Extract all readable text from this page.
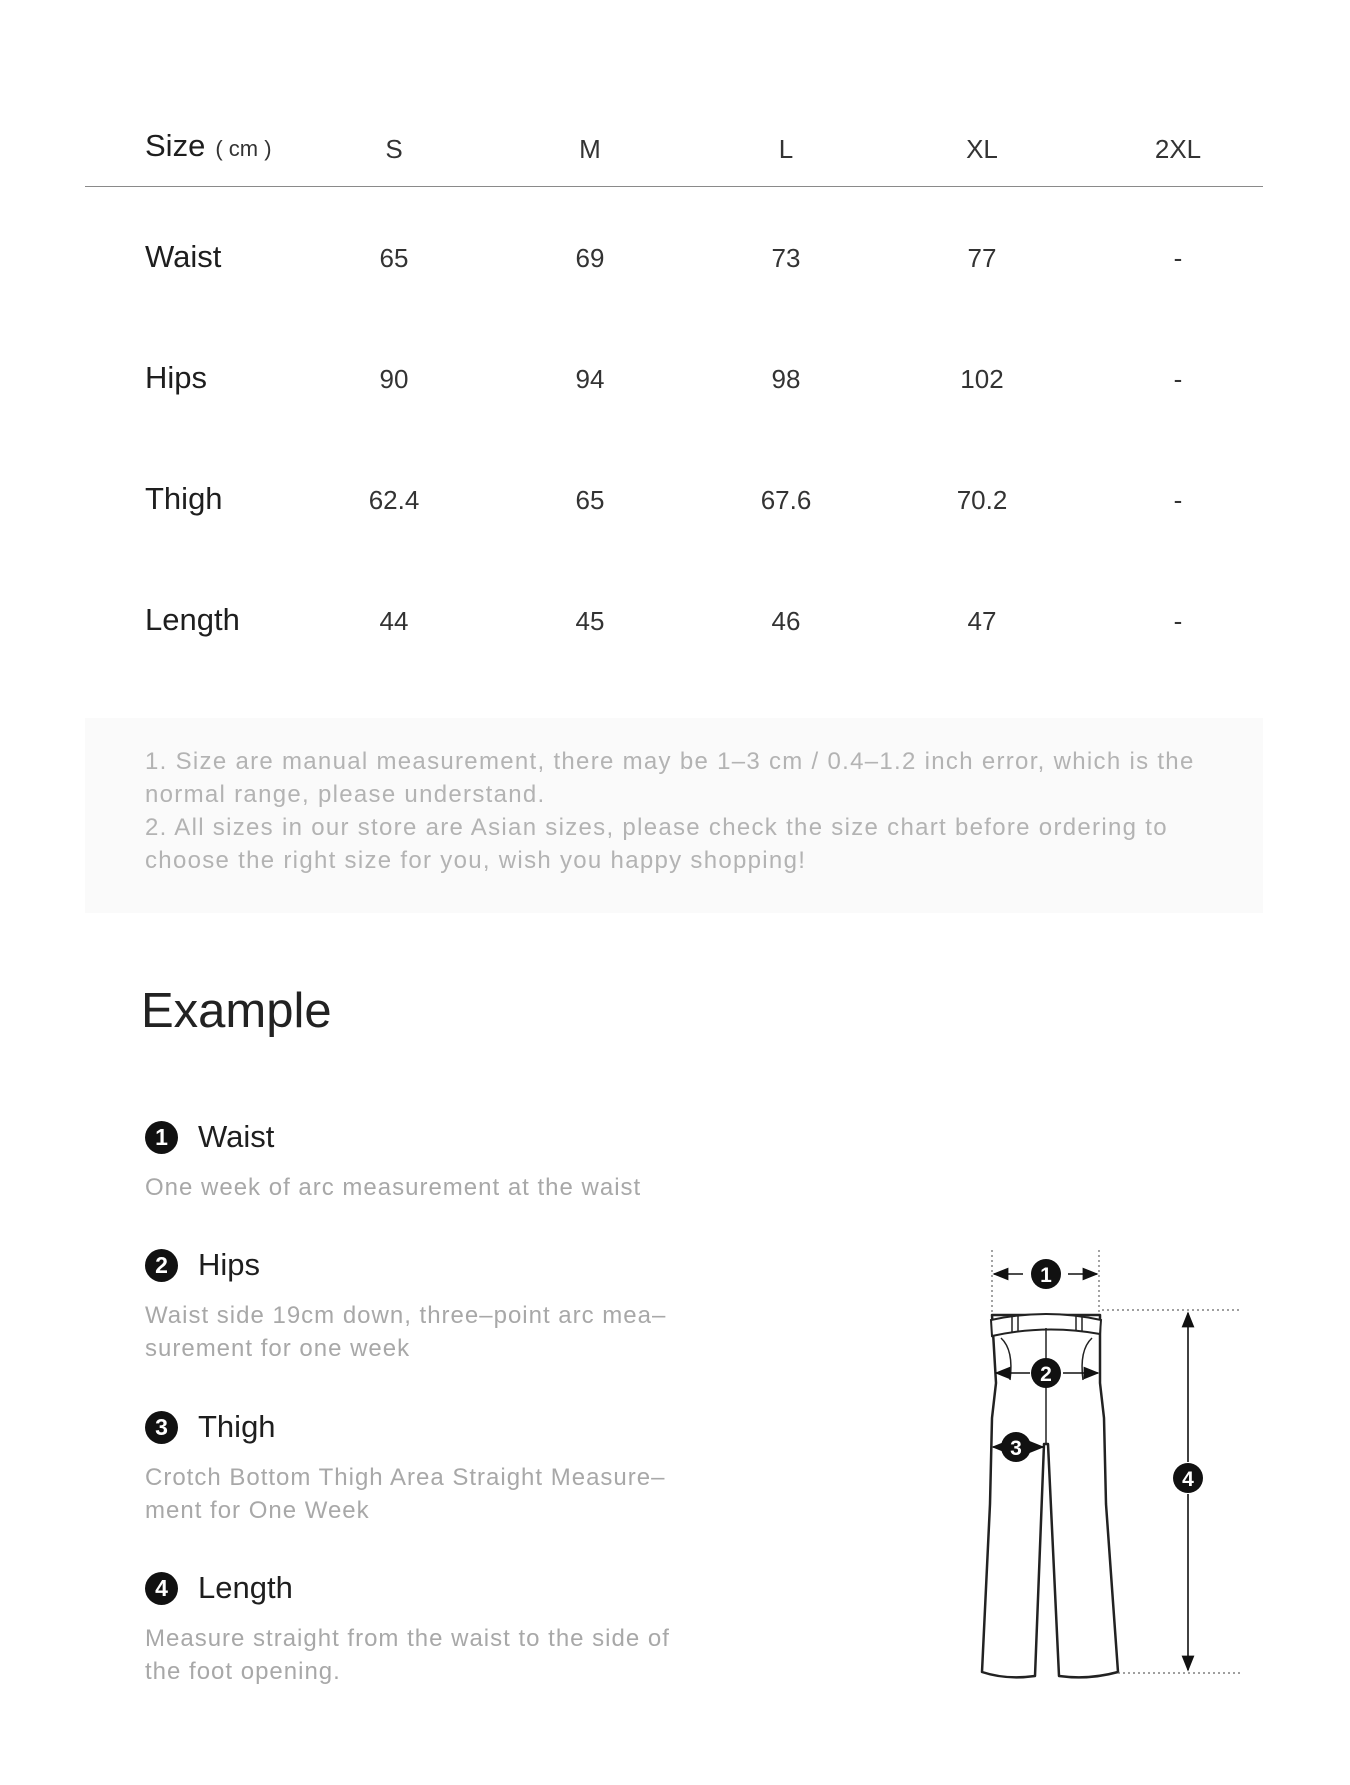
Size ( cm )	S	M	L	XL	2XL
Waist	65	69	73	77	-
Hips	90	94	98	102	-
Thigh	62.4	65	67.6	70.2	-
Length	44	45	46	47	-
1. Size are manual measurement, there may be 1–3 cm / 0.4–1.2 inch error, which is the normal range, please understand.
2. All sizes in our store are Asian sizes, please check the size chart before ordering to choose the right size for you, wish you happy shopping!
Example
1 Waist
One week of arc measurement at the waist
2 Hips
Waist side 19cm down, three–point arc mea– surement for one week
3 Thigh
Crotch Bottom Thigh Area Straight Measure– ment for One Week
4 Length
Measure straight from the waist to the side of the foot opening.
1
2
3
4
